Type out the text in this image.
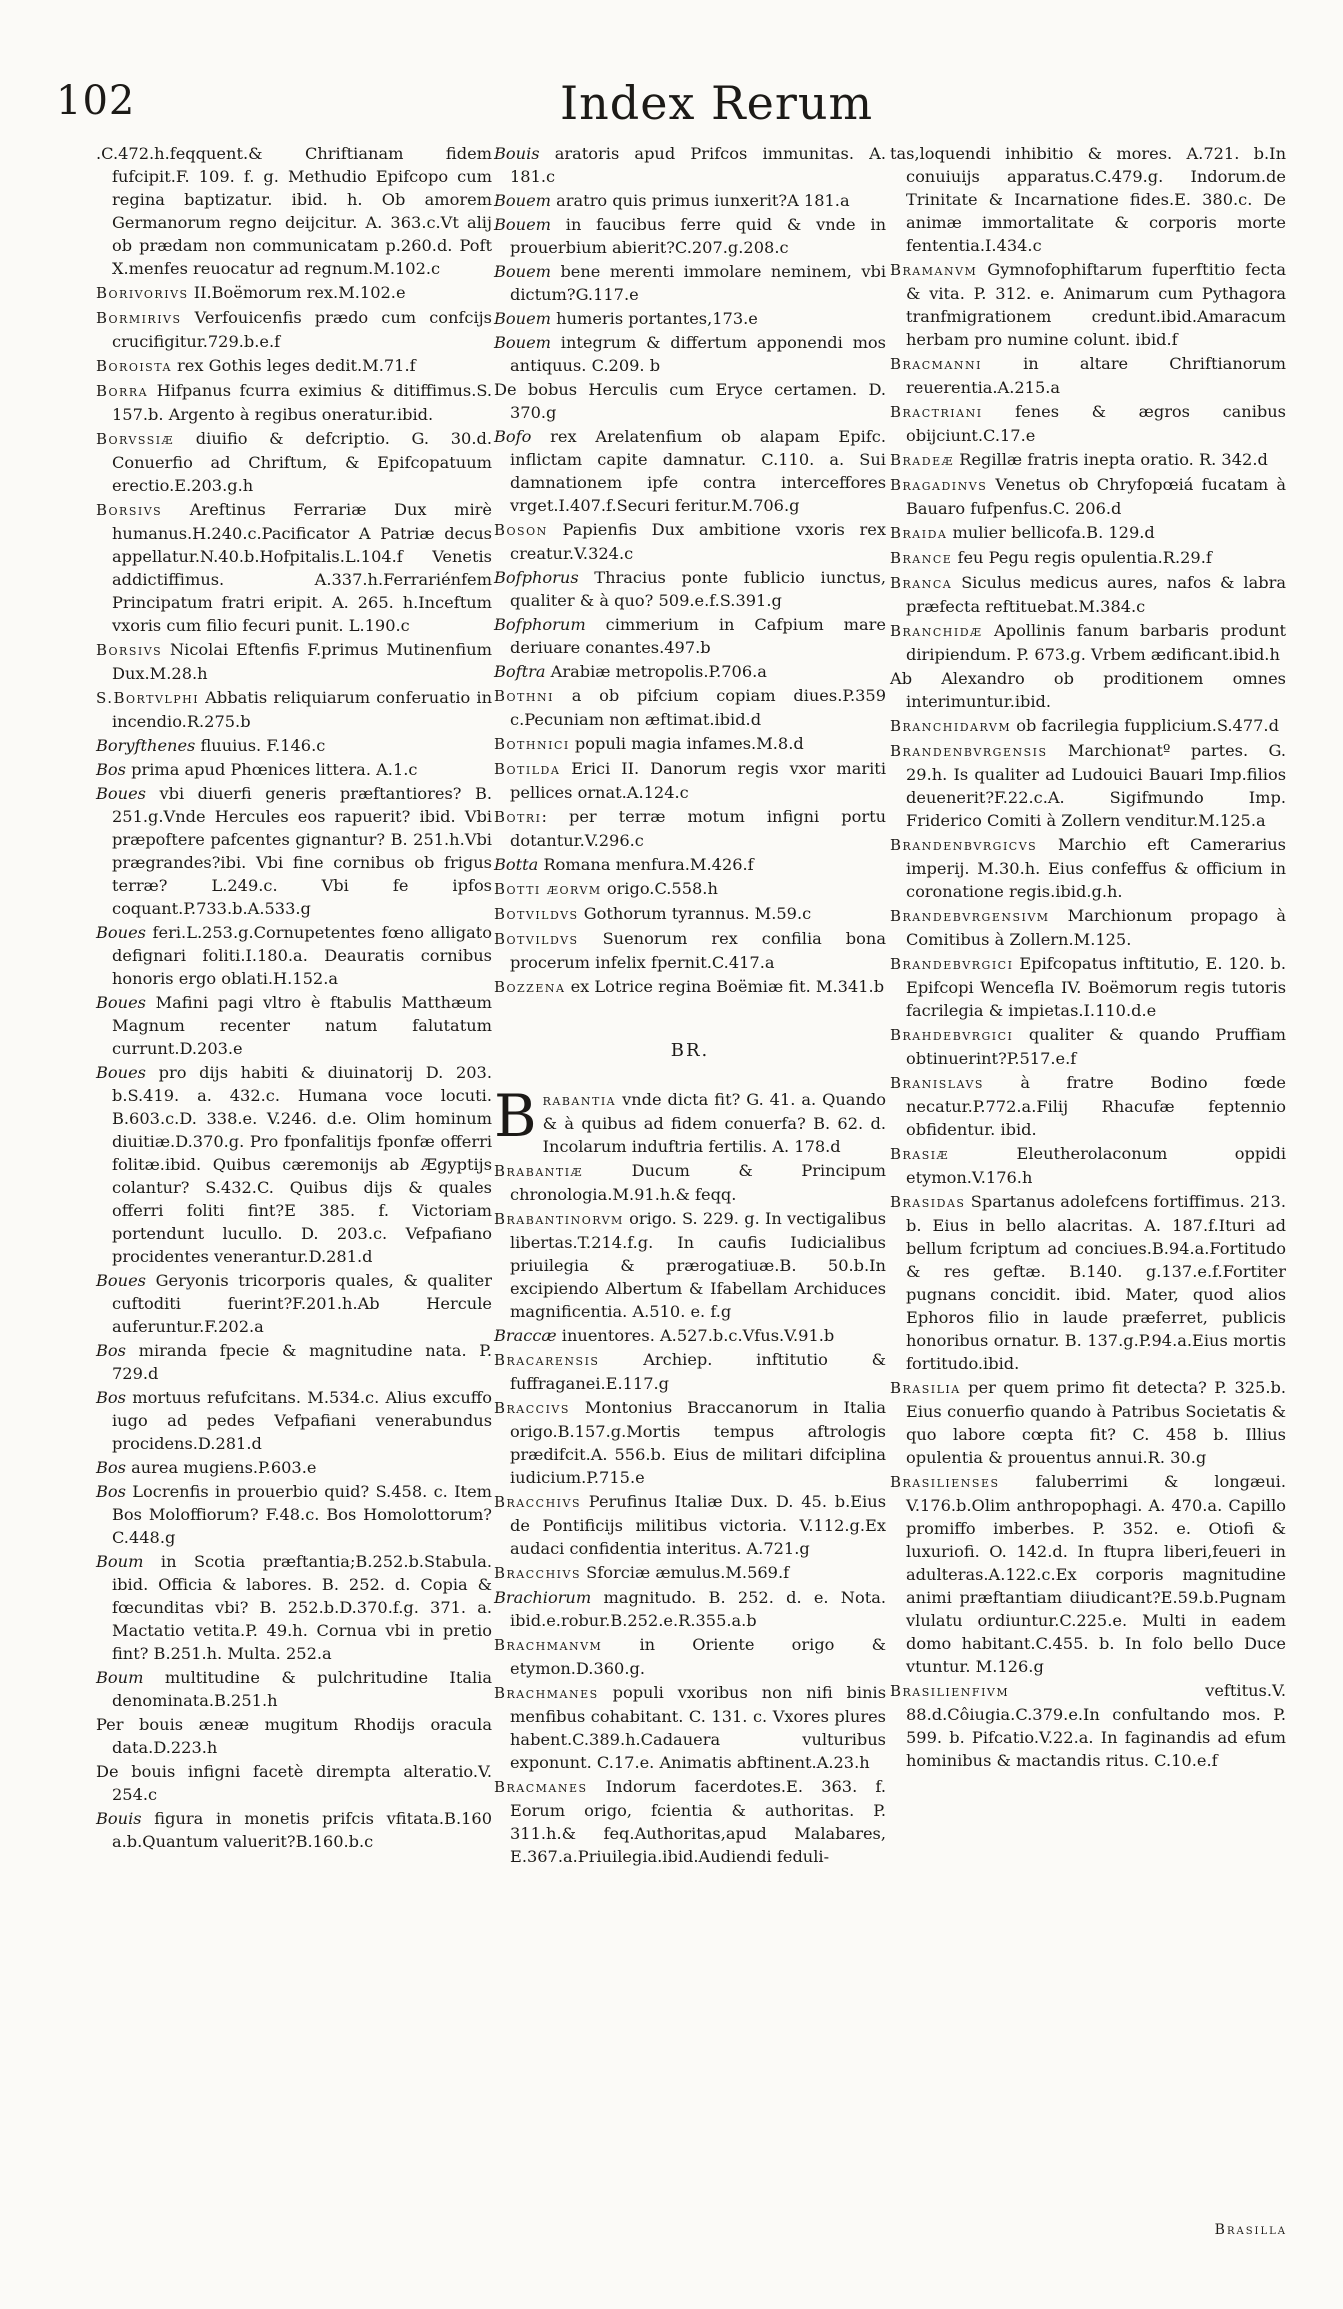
102	Index Rerum

.C.472.h.feqquent.& Chriftianam fidem fufcipit.F. 109. f. g. Methudio Epifcopo cum regina baptizatur. ibid. h. Ob amorem Germanorum regno deijcitur. A. 363.c.Vt alij ob prædam non communicatam p.260.d. Poft X.menfes reuocatur ad regnum.M.102.c

Borivorivs II.Boëmorum rex.M.102.e

Bormirivs Verfouicenfis prædo cum confcijs crucifigitur.729.b.e.f

Boroista rex Gothis leges dedit.M.71.f

Borra Hifpanus fcurra eximius & ditiffimus.S. 157.b. Argento à regibus oneratur.ibid.

Borvssiæ diuifio & defcriptio. G. 30.d. Conuerfio ad Chriftum, & Epifcopatuum erectio.E.203.g.h

Borsivs Areftinus Ferrariæ Dux mirè humanus.H.240.c.Pacificator A Patriæ decus appellatur.N.40.b.Hofpitalis.L.104.f Venetis addictiffimus. A.337.h.Ferrariénfem Principatum fratri eripit. A. 265. h.Inceftum vxoris cum filio fecuri punit. L.190.c

Borsivs Nicolai Eftenfis F.primus Mutinenfium Dux.M.28.h

S.Bortvlphi Abbatis reliquiarum conferuatio in incendio.R.275.b

Boryfthenes fluuius. F.146.c

Bos prima apud Phœnices littera. A.1.c

Boues vbi diuerfi generis præftantiores? B. 251.g.Vnde Hercules eos rapuerit? ibid. Vbi præpoftere pafcentes gignantur? B. 251.h.Vbi prægrandes?ibi. Vbi fine cornibus ob frigus terræ? L.249.c. Vbi fe ipfos coquant.P.733.b.A.533.g

Boues feri.L.253.g.Cornupetentes fœno alligato defignari foliti.I.180.a. Deauratis cornibus honoris ergo oblati.H.152.a

Boues Mafini pagi vltro è ftabulis Matthæum Magnum recenter natum falutatum currunt.D.203.e

Boues pro dijs habiti & diuinatorij D. 203. b.S.419. a. 432.c. Humana voce locuti. B.603.c.D. 338.e. V.246. d.e. Olim hominum diuitiæ.D.370.g. Pro fponfalitijs fponfæ offerri folitæ.ibid. Quibus cæremonijs ab Ægyptijs colantur? S.432.C. Quibus dijs & quales offerri foliti fint?E 385. f. Victoriam portendunt lucullo. D. 203.c. Vefpafiano procidentes venerantur.D.281.d

Boues Geryonis tricorporis quales, & qualiter cuftoditi fuerint?F.201.h.Ab Hercule auferuntur.F.202.a

Bos miranda fpecie & magnitudine nata. P. 729.d

Bos mortuus refufcitans. M.534.c. Alius excuffo iugo ad pedes Vefpafiani venerabundus procidens.D.281.d

Bos aurea mugiens.P.603.e

Bos Locrenfis in prouerbio quid? S.458. c. Item Bos Moloffiorum? F.48.c. Bos Homolottorum?C.448.g

Boum in Scotia præftantia;B.252.b.Stabula. ibid. Officia & labores. B. 252. d. Copia & fœcunditas vbi? B. 252.b.D.370.f.g. 371. a. Mactatio vetita.P. 49.h. Cornua vbi in pretio fint? B.251.h. Multa. 252.a

Boum multitudine & pulchritudine Italia denominata.B.251.h

Per bouis æneæ mugitum Rhodijs oracula data.D.223.h

De bouis infigni facetè dirempta alteratio.V. 254.c

Bouis figura in monetis prifcis vfitata.B.160 a.b.Quantum valuerit?B.160.b.c

Bouis aratoris apud Prifcos immunitas. A. 181.c

Bouem aratro quis primus iunxerit?A 181.a

Bouem in faucibus ferre quid & vnde in prouerbium abierit?C.207.g.208.c

Bouem bene merenti immolare neminem, vbi dictum?G.117.e

Bouem humeris portantes,173.e

Bouem integrum & differtum apponendi mos antiquus. C.209. b

De bobus Herculis cum Eryce certamen. D. 370.g

Bofo rex Arelatenfium ob alapam Epifc. inflictam capite damnatur. C.110. a. Sui damnationem ipfe contra interceffores vrget.I.407.f.Securi feritur.M.706.g

Boson Papienfis Dux ambitione vxoris rex creatur.V.324.c

Bofphorus Thracius ponte fublicio iunctus, qualiter & à quo? 509.e.f.S.391.g

Bofphorum cimmerium in Cafpium mare deriuare conantes.497.b

Boftra Arabiæ metropolis.P.706.a

Bothni a ob pifcium copiam diues.P.359 c.Pecuniam non æftimat.ibid.d

Bothnici populi magia infames.M.8.d

Botilda Erici II. Danorum regis vxor mariti pellices ornat.A.124.c

Botri: per terræ motum infigni portu dotantur.V.296.c

Botta Romana menfura.M.426.f

Botti æorvm origo.C.558.h

Botvildvs Gothorum tyrannus. M.59.c

Botvildvs Suenorum rex confilia bona procerum infelix fpernit.C.417.a

Bozzena ex Lotrice regina Boëmiæ fit. M.341.b

BR.

Brabantia vnde dicta fit? G. 41. a. Quando & à quibus ad fidem conuerfa? B. 62. d. Incolarum induftria fertilis. A. 178.d

Brabantiæ Ducum & Principum chronologia.M.91.h.& feqq.

Brabantinorvm origo. S. 229. g. In vectigalibus libertas.T.214.f.g. In caufis Iudicialibus priuilegia & prærogatiuæ.B. 50.b.In excipiendo Albertum & Ifabellam Archiduces magnificentia. A.510. e. f.g

Braccæ inuentores. A.527.b.c.Vfus.V.91.b

Bracarensis Archiep. inftitutio & fuffraganei.E.117.g

Braccivs Montonius Braccanorum in Italia origo.B.157.g.Mortis tempus aftrologis prædifcit.A. 556.b. Eius de militari difciplina iudicium.P.715.e

Bracchivs Perufinus Italiæ Dux. D. 45. b.Eius de Pontificijs militibus victoria. V.112.g.Ex audaci confidentia interitus. A.721.g

Bracchivs Sforciæ æmulus.M.569.f

Brachiorum magnitudo. B. 252. d. e. Nota. ibid.e.robur.B.252.e.R.355.a.b

Brachmanvm in Oriente origo & etymon.D.360.g.

Brachmanes populi vxoribus non nifi binis menfibus cohabitant. C. 131. c. Vxores plures habent.C.389.h.Cadauera vulturibus exponunt. C.17.e. Animatis abftinent.A.23.h

Bracmanes Indorum facerdotes.E. 363. f. Eorum origo, fcientia & authoritas. P. 311.h.& feq.Authoritas,apud Malabares, E.367.a.Priuilegia.ibid.Audiendi feduli-

tas,loquendi inhibitio & mores. A.721. b.In conuiuijs apparatus.C.479.g. Indorum.de Trinitate & Incarnatione fides.E. 380.c. De animæ immortalitate & corporis morte fententia.I.434.c

Bramanvm Gymnofophiftarum fuperftitio fecta & vita. P. 312. e. Animarum cum Pythagora tranfmigrationem credunt.ibid.Amaracum herbam pro numine colunt. ibid.f

Bracmanni in altare Chriftianorum reuerentia.A.215.a

Bractriani fenes & ægros canibus obijciunt.C.17.e

Bradeæ Regillæ fratris inepta oratio. R. 342.d

Bragadinvs Venetus ob Chryfopœiá fucatam à Bauaro fufpenfus.C. 206.d

Braida mulier bellicofa.B. 129.d

Brance feu Pegu regis opulentia.R.29.f

Branca Siculus medicus aures, nafos & labra præfecta reftituebat.M.384.c

Branchidæ Apollinis fanum barbaris produnt diripiendum. P. 673.g. Vrbem ædificant.ibid.h

Ab Alexandro ob proditionem omnes interimuntur.ibid.

Branchidarvm ob facrilegia fupplicium.S.477.d

Brandenbvrgensis Marchionatº partes. G. 29.h. Is qualiter ad Ludouici Bauari Imp.filios deuenerit?F.22.c.A. Sigifmundo Imp. Friderico Comiti à Zollern venditur.M.125.a

Brandenbvrgicvs Marchio eft Camerarius imperij. M.30.h. Eius confeffus & officium in coronatione regis.ibid.g.h.

Brandebvrgensivm Marchionum propago à Comitibus à Zollern.M.125.

Brandebvrgici Epifcopatus inftitutio, E. 120. b. Epifcopi Wencefla IV. Boëmorum regis tutoris facrilegia & impietas.I.110.d.e

Brahdebvrgici qualiter & quando Pruffiam obtinuerint?P.517.e.f

Branislavs à fratre Bodino fœde necatur.P.772.a.Filij Rhacufæ feptennio obfidentur. ibid.

Brasiæ Eleutherolaconum oppidi etymon.V.176.h

Brasidas Spartanus adolefcens fortiffimus. 213. b. Eius in bello alacritas. A. 187.f.Ituri ad bellum fcriptum ad conciues.B.94.a.Fortitudo & res geftæ. B.140. g.137.e.f.Fortiter pugnans concidit. ibid. Mater, quod alios Ephoros filio in laude præferret, publicis honoribus ornatur. B. 137.g.P.94.a.Eius mortis fortitudo.ibid.

Brasilia per quem primo fit detecta? P. 325.b. Eius conuerfio quando à Patribus Societatis & quo labore cœpta fit? C. 458 b. Illius opulentia & prouentus annui.R. 30.g

Brasilienses faluberrimi & longæui. V.176.b.Olim anthropophagi. A. 470.a. Capillo promiffo imberbes. P. 352. e. Otiofi & luxuriofi. O. 142.d. In ftupra liberi,feueri in adulteras.A.122.c.Ex corporis magnitudine animi præftantiam diiudicant?E.59.b.Pugnam vlulatu ordiuntur.C.225.e. Multi in eadem domo habitant.C.455. b. In folo bello Duce vtuntur. M.126.g

Brasilienfivm veftitus.V. 88.d.Côiugia.C.379.e.In confultando mos. P. 599. b. Pifcatio.V.22.a. In faginandis ad efum hominibus & mactandis ritus. C.10.e.f

Brasilla
